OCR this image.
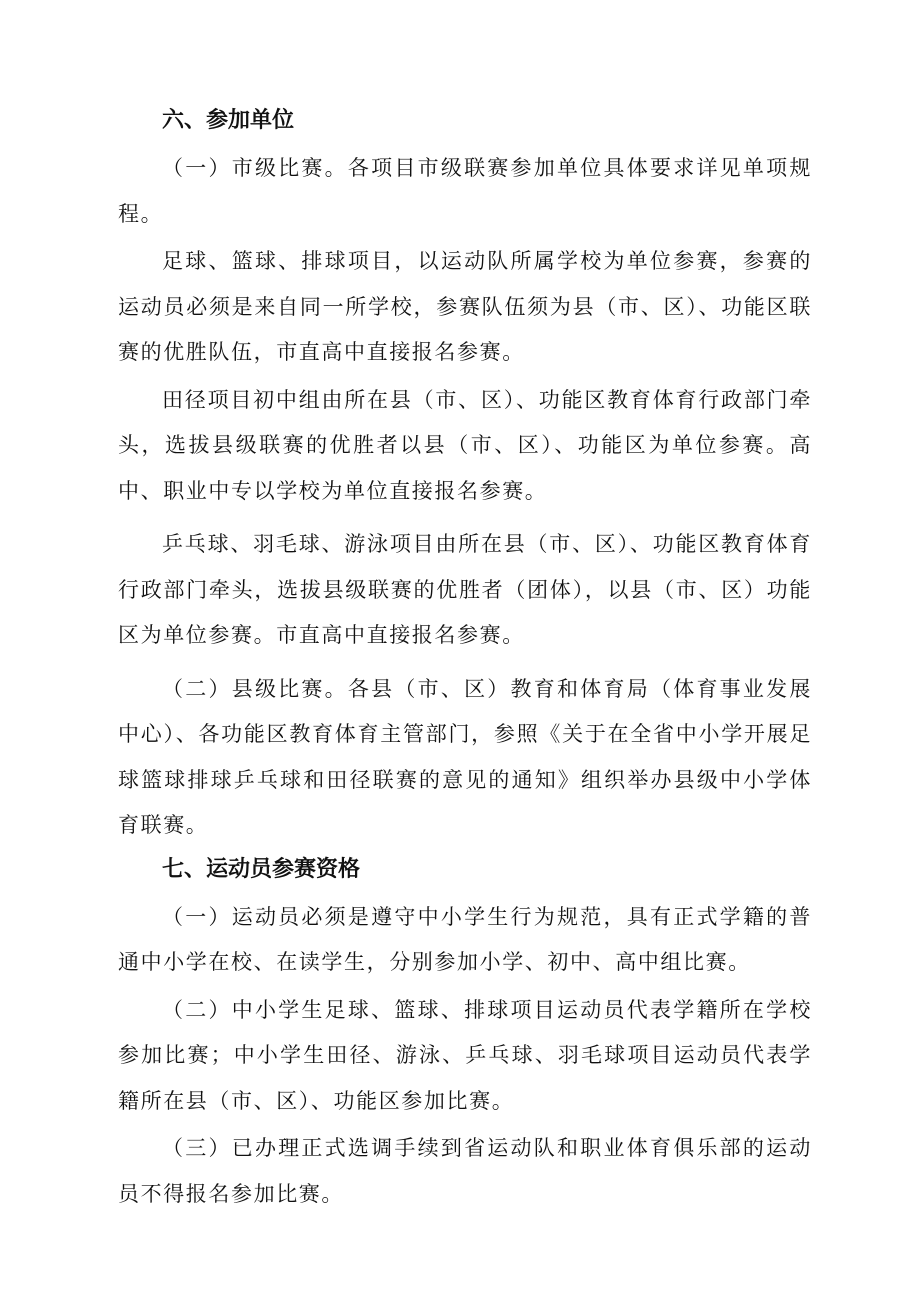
六、参加单位

（一）市级比赛。各项目市级联赛参加单位具体要求详见单项规程。

足球、篮球、排球项目，以运动队所属学校为单位参赛，参赛的运动员必须是来自同一所学校，参赛队伍须为县（市、区）、功能区联赛的优胜队伍，市直高中直接报名参赛。

田径项目初中组由所在县（市、区）、功能区教育体育行政部门牵头，选拔县级联赛的优胜者以县（市、区）、功能区为单位参赛。高中、职业中专以学校为单位直接报名参赛。

乒乓球、羽毛球、游泳项目由所在县（市、区）、功能区教育体育行政部门牵头，选拔县级联赛的优胜者（团体），以县（市、区）功能区为单位参赛。市直高中直接报名参赛。

（二）县级比赛。各县（市、区）教育和体育局（体育事业发展中心）、各功能区教育体育主管部门，参照《关于在全省中小学开展足球篮球排球乒乓球和田径联赛的意见的通知》组织举办县级中小学体育联赛。

七、运动员参赛资格

（一）运动员必须是遵守中小学生行为规范，具有正式学籍的普通中小学在校、在读学生，分别参加小学、初中、高中组比赛。

（二）中小学生足球、篮球、排球项目运动员代表学籍所在学校参加比赛；中小学生田径、游泳、乒乓球、羽毛球项目运动员代表学籍所在县（市、区）、功能区参加比赛。

（三）已办理正式选调手续到省运动队和职业体育俱乐部的运动员不得报名参加比赛。
